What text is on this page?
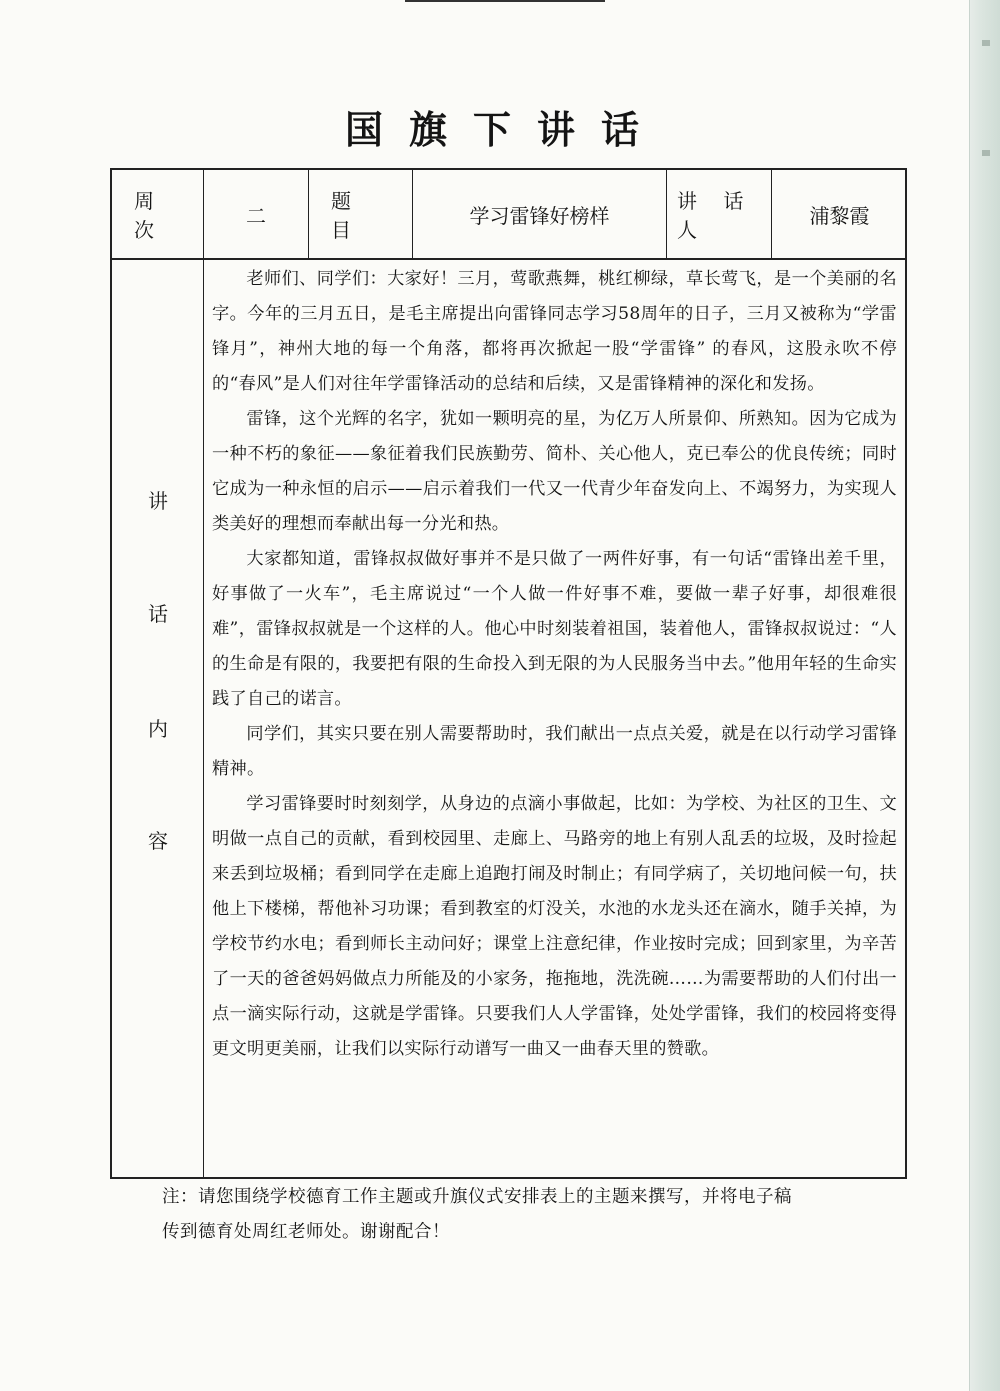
国旗下讲话
周 次
二
题 目
学习雷锋好榜样
讲 话 人
浦黎霞
讲
话
内
容

老师们、同学们：大家好！三月，莺歌燕舞，桃红柳绿，草长莺飞，是一个美丽的名字。今年的三月五日，是毛主席提出向雷锋同志学习58周年的日子，三月又被称为“学雷锋月”，神州大地的每一个角落，都将再次掀起一股“学雷锋” 的春风，这股永吹不停的“春风”是人们对往年学雷锋活动的总结和后续，又是雷锋精神的深化和发扬。

雷锋，这个光辉的名字，犹如一颗明亮的星，为亿万人所景仰、所熟知。因为它成为一种不朽的象征——象征着我们民族勤劳、简朴、关心他人，克已奉公的优良传统；同时它成为一种永恒的启示——启示着我们一代又一代青少年奋发向上、不竭努力，为实现人类美好的理想而奉献出每一分光和热。

大家都知道，雷锋叔叔做好事并不是只做了一两件好事，有一句话“雷锋出差千里，好事做了一火车”，毛主席说过“一个人做一件好事不难，要做一辈子好事，却很难很难”，雷锋叔叔就是一个这样的人。他心中时刻装着祖国，装着他人，雷锋叔叔说过：“人的生命是有限的，我要把有限的生命投入到无限的为人民服务当中去。”他用年轻的生命实践了自己的诺言。

同学们，其实只要在别人需要帮助时，我们献出一点点关爱，就是在以行动学习雷锋精神。

学习雷锋要时时刻刻学，从身边的点滴小事做起，比如：为学校、为社区的卫生、文明做一点自己的贡献，看到校园里、走廊上、马路旁的地上有别人乱丢的垃圾，及时捡起来丢到垃圾桶；看到同学在走廊上追跑打闹及时制止；有同学病了，关切地问候一句，扶他上下楼梯，帮他补习功课；看到教室的灯没关，水池的水龙头还在滴水，随手关掉，为学校节约水电；看到师长主动问好；课堂上注意纪律，作业按时完成；回到家里，为辛苦了一天的爸爸妈妈做点力所能及的小家务，拖拖地，洗洗碗……为需要帮助的人们付出一点一滴实际行动，这就是学雷锋。只要我们人人学雷锋，处处学雷锋，我们的校园将变得更文明更美丽，让我们以实际行动谱写一曲又一曲春天里的赞歌。

注：请您围绕学校德育工作主题或升旗仪式安排表上的主题来撰写，并将电子稿
传到德育处周红老师处。谢谢配合！
